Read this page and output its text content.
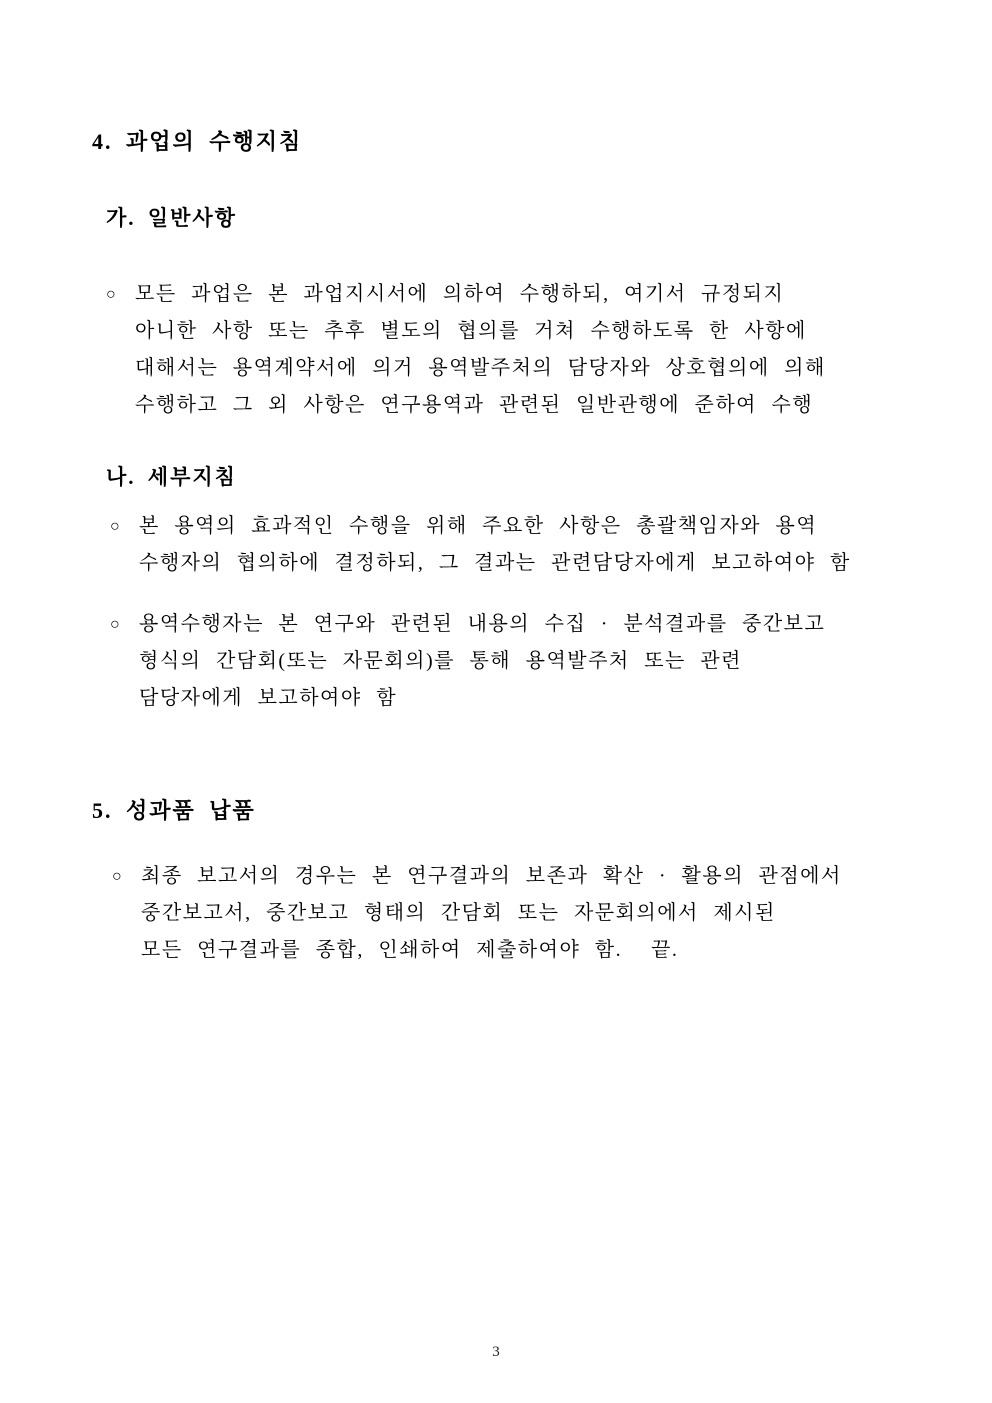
4. 과업의 수행지침
가. 일반사항
○ 모든 과업은 본 과업지시서에 의하여 수행하되, 여기서 규정되지
아니한 사항 또는 추후 별도의 협의를 거쳐 수행하도록 한 사항에
대해서는 용역계약서에 의거 용역발주처의 담당자와 상호협의에 의해
수행하고 그 외 사항은 연구용역과 관련된 일반관행에 준하여 수행
나. 세부지침
○ 본 용역의 효과적인 수행을 위해 주요한 사항은 총괄책임자와 용역
수행자의 협의하에 결정하되, 그 결과는 관련담당자에게 보고하여야 함
○ 용역수행자는 본 연구와 관련된 내용의 수집 · 분석결과를 중간보고
형식의 간담회(또는 자문회의)를 통해 용역발주처 또는 관련
담당자에게 보고하여야 함
5. 성과품 납품
○ 최종 보고서의 경우는 본 연구결과의 보존과 확산 · 활용의 관점에서
중간보고서, 중간보고 형태의 간담회 또는 자문회의에서 제시된
모든 연구결과를 종합, 인쇄하여 제출하여야 함.  끝.
3
